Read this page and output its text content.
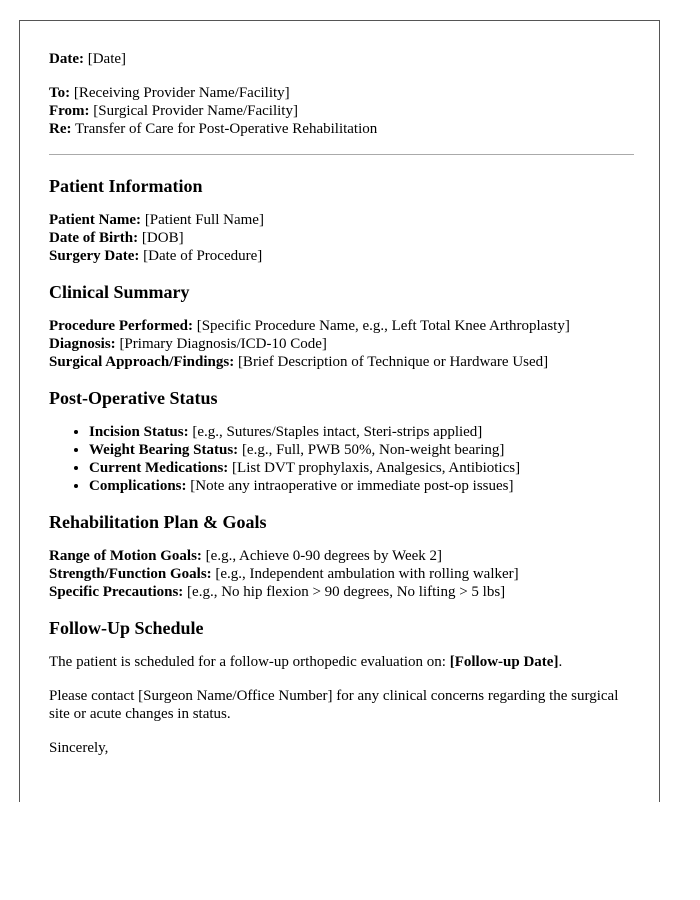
Date: [Date]

To: [Receiving Provider Name/Facility]

From: [Surgical Provider Name/Facility]

Re: Transfer of Care for Post-Operative Rehabilitation

Patient Information

Patient Name: [Patient Full Name]

Date of Birth: [DOB]

Surgery Date: [Date of Procedure]

Clinical Summary

Procedure Performed: [Specific Procedure Name, e.g., Left Total Knee Arthroplasty]

Diagnosis: [Primary Diagnosis/ICD-10 Code]

Surgical Approach/Findings: [Brief Description of Technique or Hardware Used]

Post-Operative Status
• Incision Status: [e.g., Sutures/Staples intact, Steri-strips applied]
• Weight Bearing Status: [e.g., Full, PWB 50%, Non-weight bearing]
• Current Medications: [List DVT prophylaxis, Analgesics, Antibiotics]
• Complications: [Note any intraoperative or immediate post-op issues]
Rehabilitation Plan & Goals

Range of Motion Goals: [e.g., Achieve 0-90 degrees by Week 2]

Strength/Function Goals: [e.g., Independent ambulation with rolling walker]

Specific Precautions: [e.g., No hip flexion > 90 degrees, No lifting > 5 lbs]

Follow-Up Schedule

The patient is scheduled for a follow-up orthopedic evaluation on: [Follow-up Date].

Please contact [Surgeon Name/Office Number] for any clinical concerns regarding the surgical site or acute changes in status.

Sincerely,
